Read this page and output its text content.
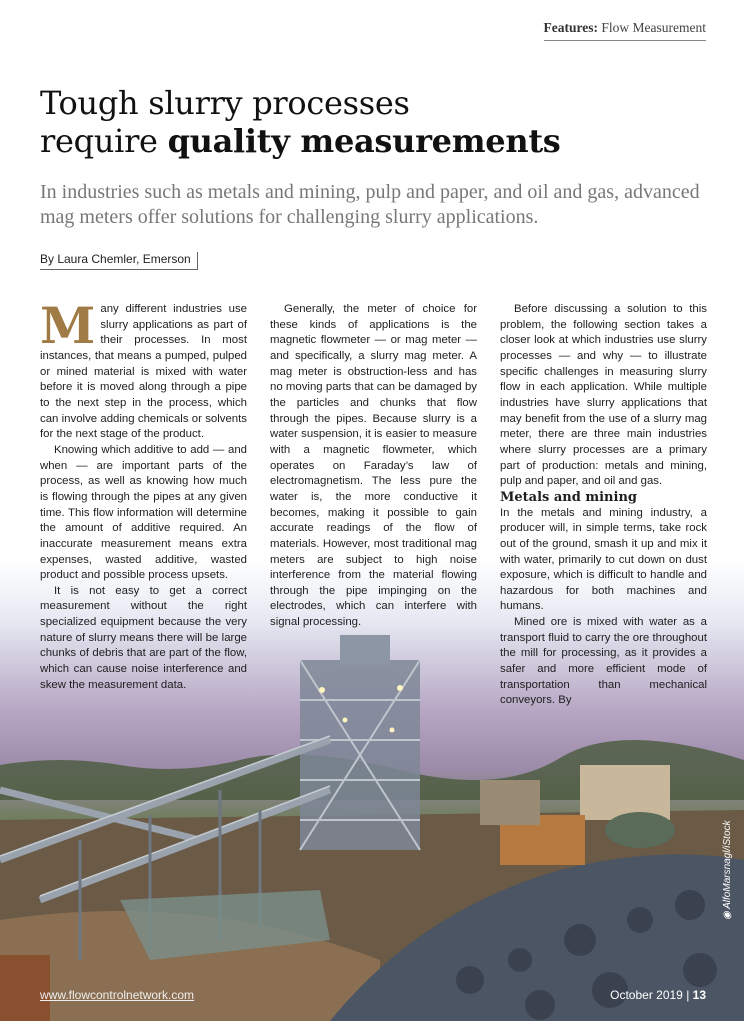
Features: Flow Measurement
Tough slurry processes
require quality measurements

In industries such as metals and mining, pulp and paper, and oil and gas, advanced mag meters offer solutions for challenging slurry applications.

By Laura Chemler, Emerson

Many different industries use slurry applications as part of their processes. In most instances, that means a pumped, pulped or mined material is mixed with water before it is moved along through a pipe to the next step in the process, which can involve adding chemicals or solvents for the next stage of the product.

Knowing which additive to add — and when — are important parts of the process, as well as knowing how much is flowing through the pipes at any given time. This flow information will determine the amount of additive required. An inaccurate measurement means extra expenses, wasted additive, wasted product and possible process upsets.

It is not easy to get a correct measurement without the right specialized equipment because the very nature of slurry means there will be large chunks of debris that are part of the flow, which can cause noise interference and skew the measurement data.

Generally, the meter of choice for these kinds of applications is the magnetic flowmeter — or mag meter — and specifically, a slurry mag meter. A mag meter is obstruction-less and has no moving parts that can be damaged by the particles and chunks that flow through the pipes. Because slurry is a water suspension, it is easier to measure with a magnetic flowmeter, which operates on Faraday’s law of electromagnetism. The less pure the water is, the more conductive it becomes, making it possible to gain accurate readings of the flow of materials. However, most traditional mag meters are subject to high noise interference from the material flowing through the pipe impinging on the electrodes, which can interfere with signal processing.

Before discussing a solution to this problem, the following section takes a closer look at which industries use slurry processes — and why — to illustrate specific challenges in measuring slurry flow in each application. While multiple industries have slurry applications that may benefit from the use of a slurry mag meter, there are three main industries where slurry processes are a primary part of production: metals and mining, pulp and paper, and oil and gas.

Metals and mining

In the metals and mining industry, a producer will, in simple terms, take rock out of the ground, smash it up and mix it with water, primarily to cut down on dust exposure, which is difficult to handle and hazardous for both machines and humans.

Mined ore is mixed with water as a transport fluid to carry the ore throughout the mill for processing, as it provides a safer and more efficient mode of transportation than mechanical conveyors. By

◉ AlfoMarsnagl/iStock
www.flowcontrolnetwork.com	October 2019 | 13
